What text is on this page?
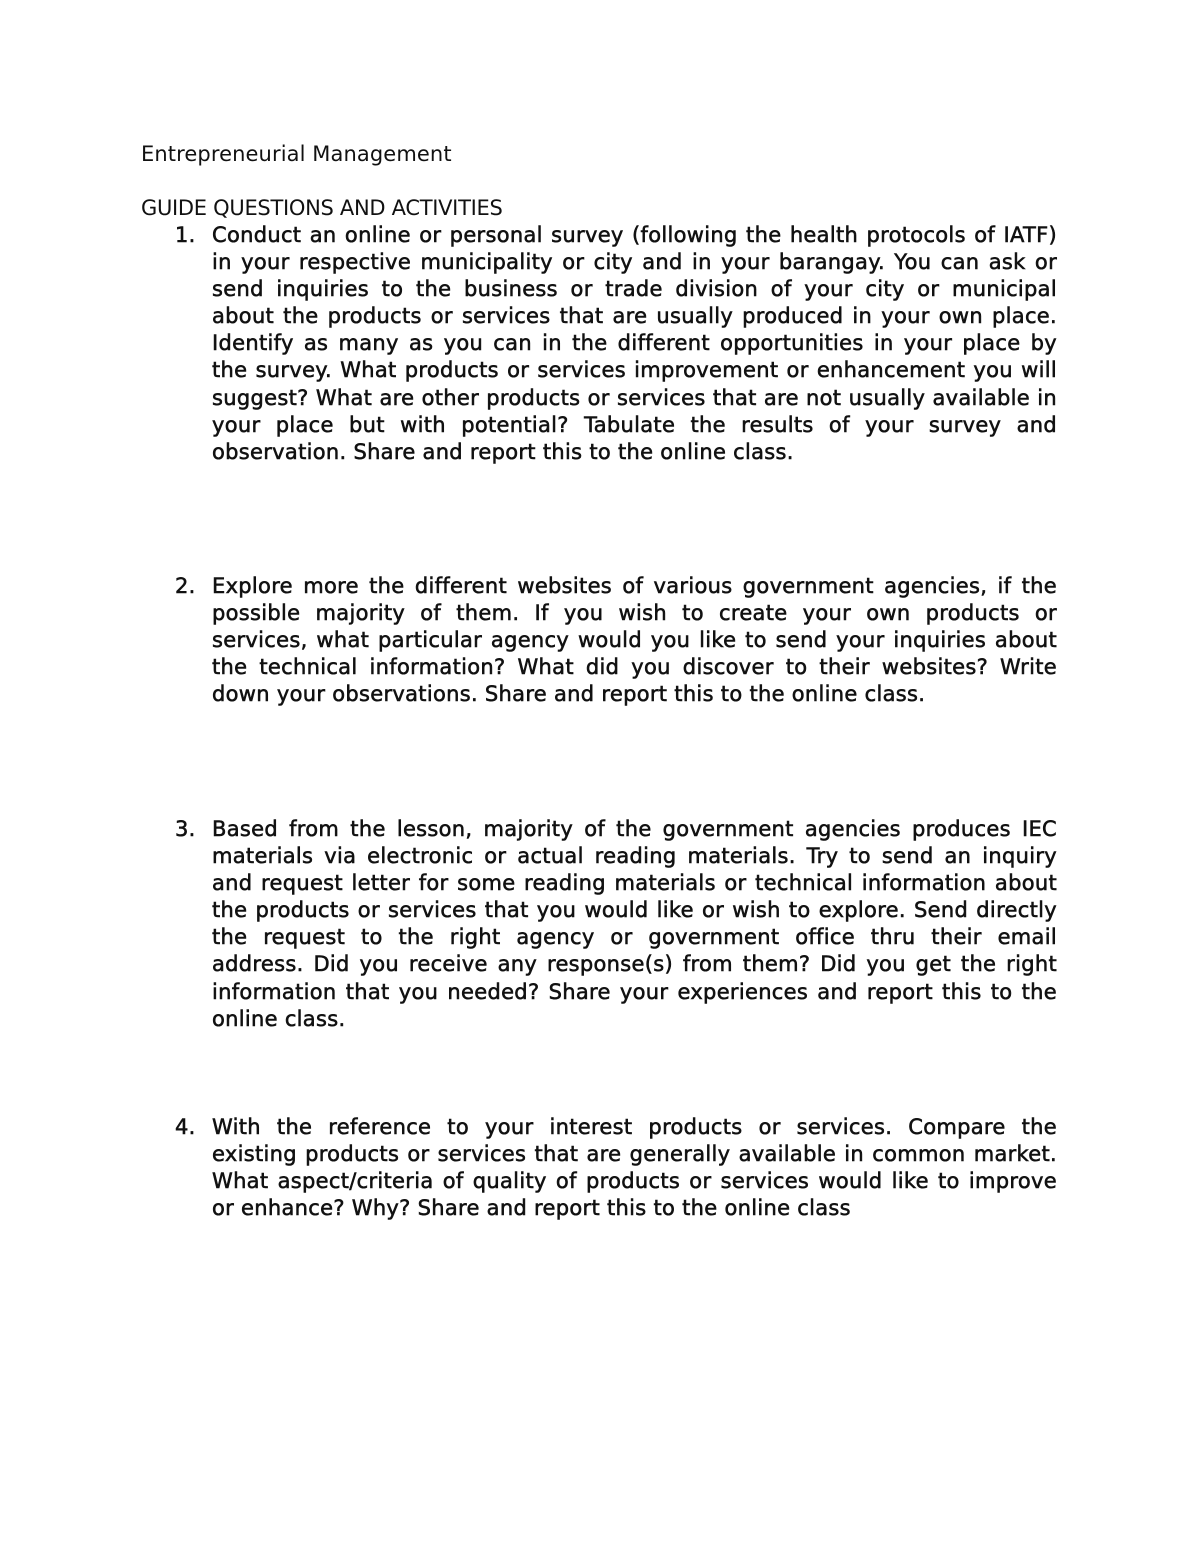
Entrepreneurial Management
GUIDE QUESTIONS AND ACTIVITIES
1. Conduct an online or personal survey (following the health protocols of IATF) in your respective municipality or city and in your barangay. You can ask or send inquiries to the business or trade division of your city or municipal about the products or services that are usually produced in your own place. Identify as many as you can in the different opportunities in your place by the survey. What products or services improvement or enhancement you will suggest? What are other products or services that are not usually available in your place but with potential? Tabulate the results of your survey and observation. Share and report this to the online class.
2. Explore more the different websites of various government agencies, if the possible majority of them. If you wish to create your own products or services, what particular agency would you like to send your inquiries about the technical information? What did you discover to their websites? Write down your observations. Share and report this to the online class.
3. Based from the lesson, majority of the government agencies produces IEC materials via electronic or actual reading materials. Try to send an inquiry and request letter for some reading materials or technical information about the products or services that you would like or wish to explore. Send directly the request to the right agency or government office thru their email address. Did you receive any response(s) from them? Did you get the right information that you needed? Share your experiences and report this to the online class.
4. With the reference to your interest products or services. Compare the existing products or services that are generally available in common market. What aspect/criteria of quality of products or services would like to improve or enhance? Why? Share and report this to the online class
